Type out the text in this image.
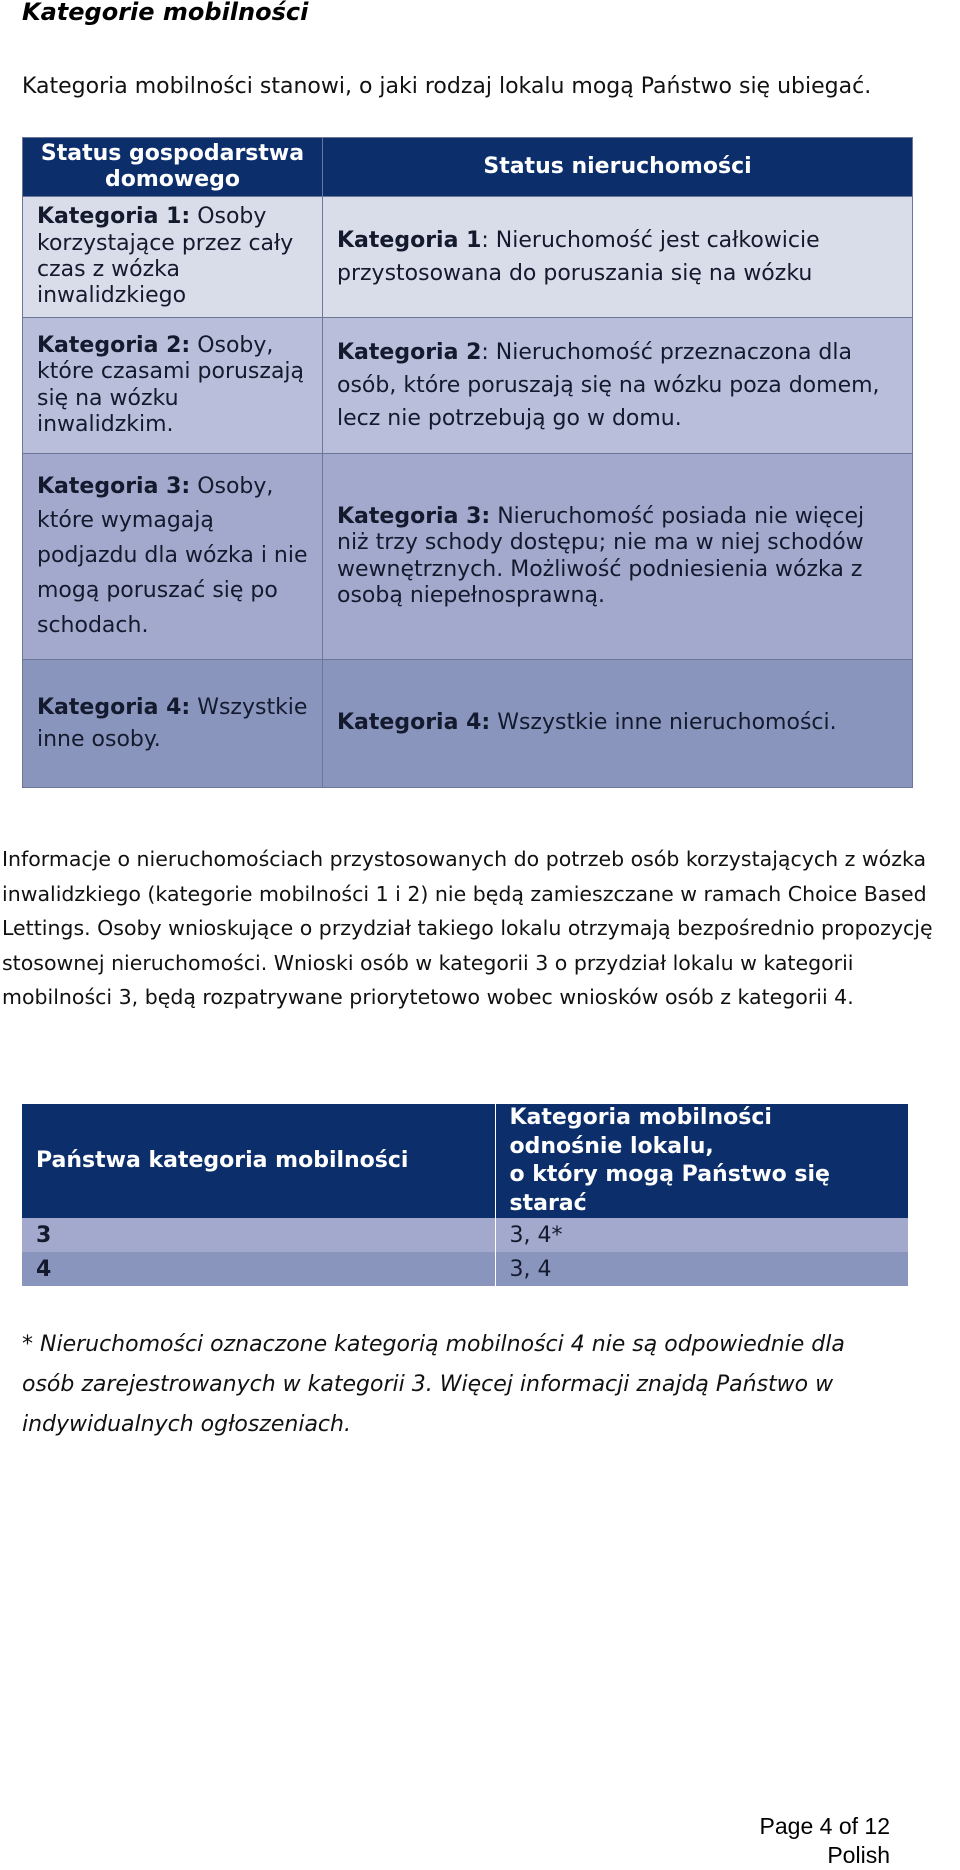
Kategorie mobilności
Kategoria mobilności stanowi, o jaki rodzaj lokalu mogą Państwo się ubiegać.
Status gospodarstwa domowego	Status nieruchomości
Kategoria 1: Osoby korzystające przez cały czas z wózka inwalidzkiego	Kategoria 1: Nieruchomość jest całkowicie przystosowana do poruszania się na wózku
Kategoria 2: Osoby, które czasami poruszają się na wózku inwalidzkim.	Kategoria 2: Nieruchomość przeznaczona dla osób, które poruszają się na wózku poza domem, lecz nie potrzebują go w domu.
Kategoria 3: Osoby, które wymagają podjazdu dla wózka i nie mogą poruszać się po schodach.	Kategoria 3: Nieruchomość posiada nie więcej niż trzy schody dostępu; nie ma w niej schodów wewnętrznych. Możliwość podniesienia wózka z osobą niepełnosprawną.
Kategoria 4: Wszystkie inne osoby.	Kategoria 4: Wszystkie inne nieruchomości.
Informacje o nieruchomościach przystosowanych do potrzeb osób korzystających z wózka inwalidzkiego (kategorie mobilności 1 i 2) nie będą zamieszczane w ramach Choice Based Lettings. Osoby wnioskujące o przydział takiego lokalu otrzymają bezpośrednio propozycję stosownej nieruchomości. Wnioski osób w kategorii 3 o przydział lokalu w kategorii mobilności 3, będą rozpatrywane priorytetowo wobec wniosków osób z kategorii 4.
Państwa kategoria mobilności	Kategoria mobilności
odnośnie lokalu,
o który mogą Państwo się starać

3	3, 4*
4	3, 4
* Nieruchomości oznaczone kategorią mobilności 4 nie są odpowiednie dla osób zarejestrowanych w kategorii 3. Więcej informacji znajdą Państwo w indywidualnych ogłoszeniach.
Page 4 of 12
Polish
